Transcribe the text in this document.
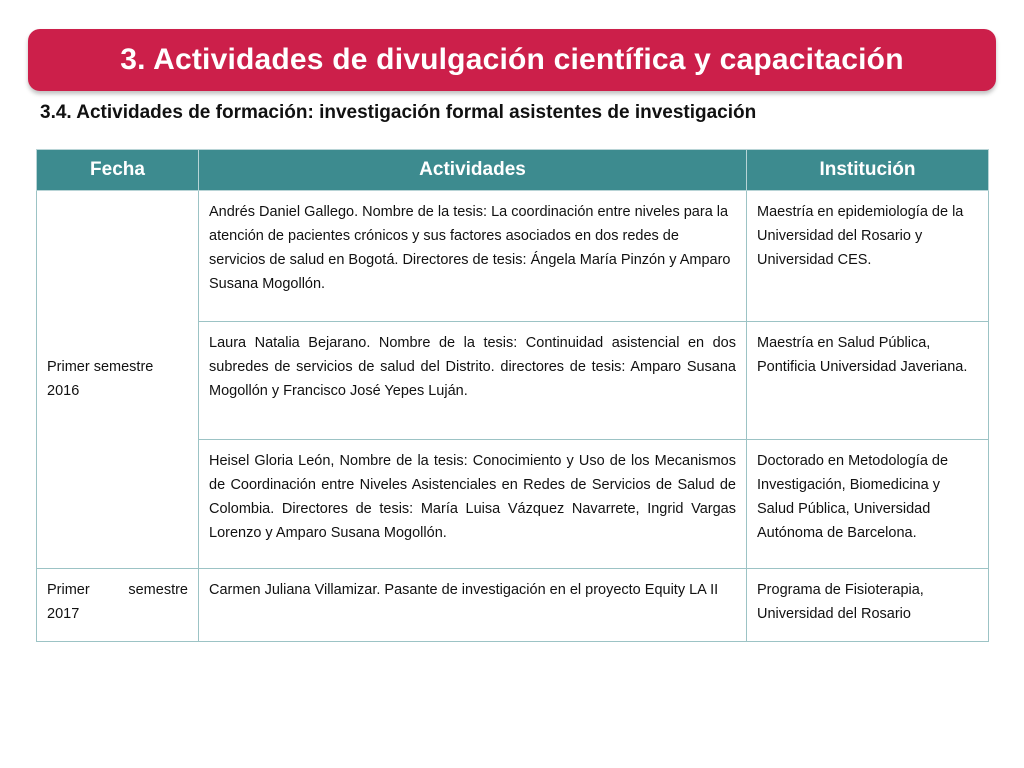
3. Actividades de divulgación científica y capacitación
3.4. Actividades de formación: investigación formal asistentes de investigación
Fecha	Actividades	Institución
Primer semestre 2016	Andrés Daniel Gallego. Nombre de la tesis: La coordinación entre niveles para la atención de pacientes crónicos y sus factores asociados en dos redes de servicios de salud en Bogotá. Directores de tesis: Ángela María Pinzón y Amparo Susana Mogollón.	Maestría en epidemiología de la Universidad del Rosario y Universidad CES.
	Laura Natalia Bejarano. Nombre de la tesis: Continuidad asistencial en dos subredes de servicios de salud del Distrito. directores de tesis: Amparo Susana Mogollón y Francisco José Yepes Luján.	Maestría en Salud Pública, Pontificia Universidad Javeriana.
	Heisel Gloria León, Nombre de la tesis: Conocimiento y Uso de los Mecanismos de Coordinación entre Niveles Asistenciales en Redes de Servicios de Salud de Colombia. Directores de tesis: María Luisa Vázquez Navarrete, Ingrid Vargas Lorenzo y Amparo Susana Mogollón.	Doctorado en Metodología de Investigación, Biomedicina y Salud Pública, Universidad Autónoma de Barcelona.
Primer semestre 2017	Carmen Juliana Villamizar. Pasante de investigación en el proyecto Equity LA II	Programa de Fisioterapia, Universidad del Rosario
